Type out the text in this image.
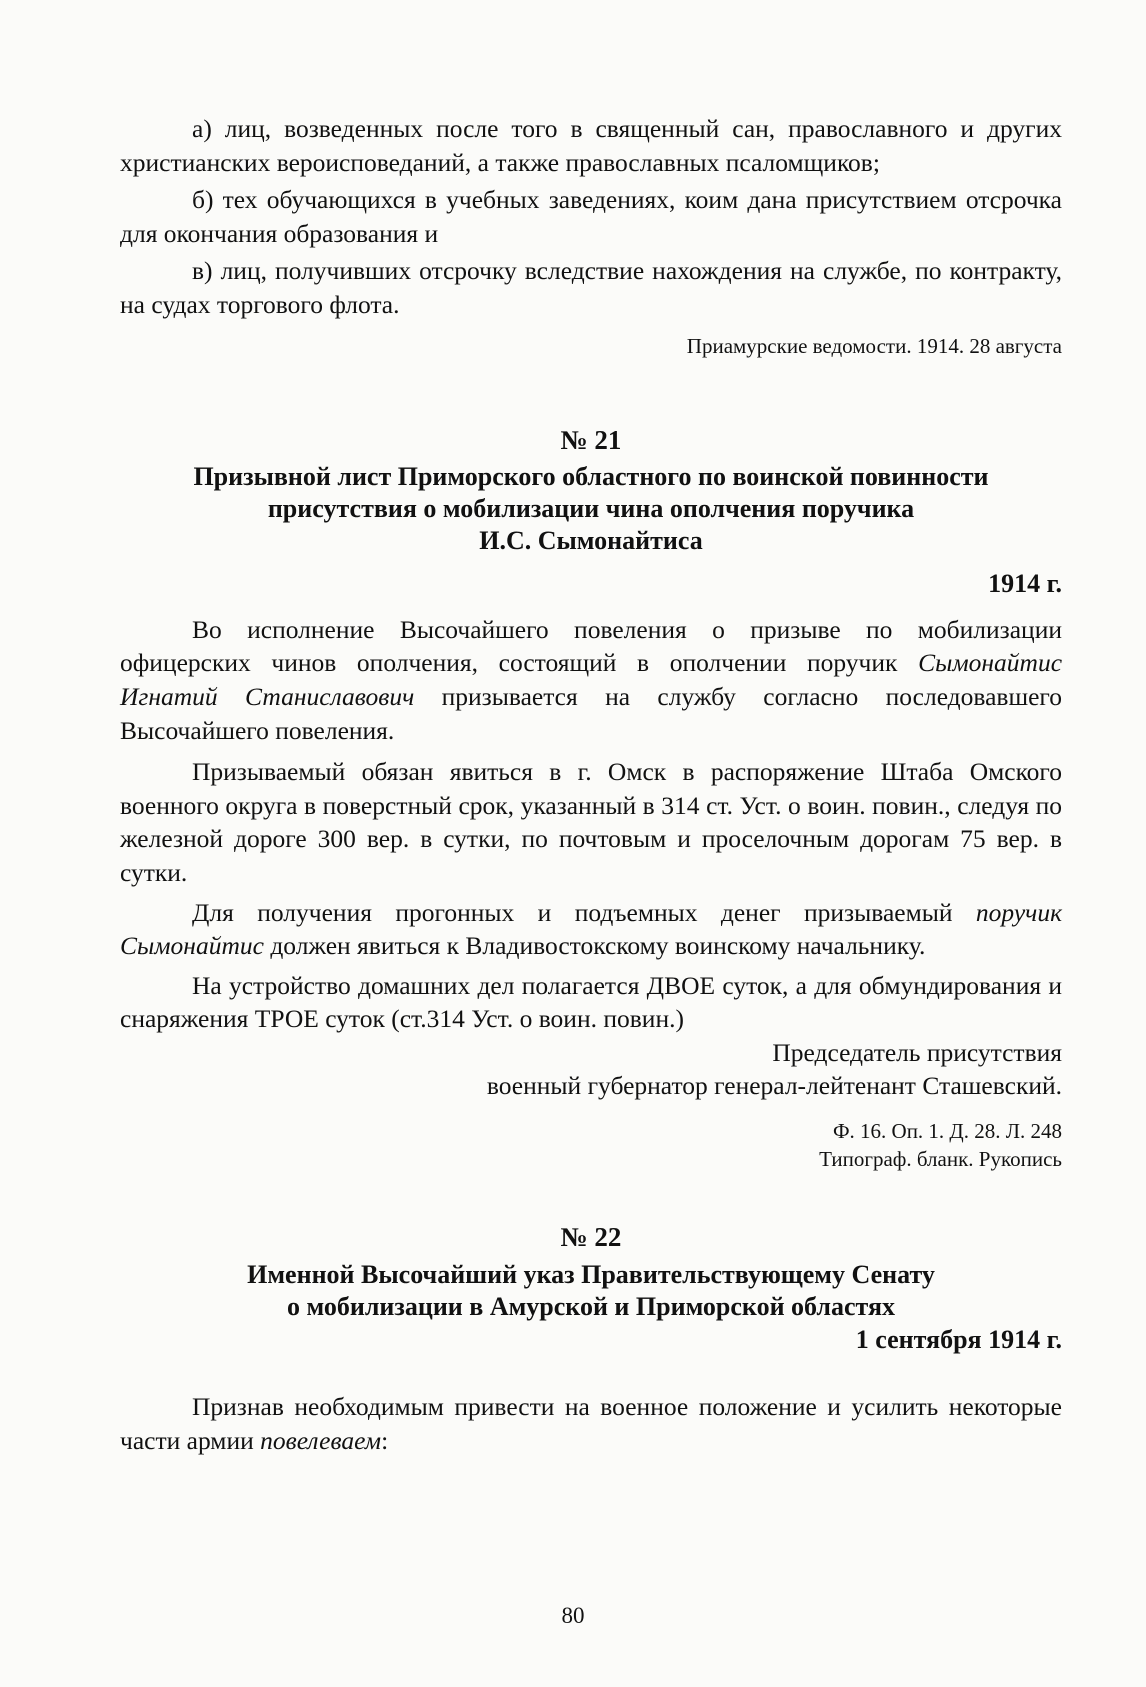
а) лиц, возведенных после того в священный сан, православного и других христианских вероисповеданий, а также православных псаломщиков;

б) тех обучающихся в учебных заведениях, коим дана присутствием отсрочка для окончания образования и

в) лиц, получивших отсрочку вследствие нахождения на службе, по контракту, на судах торгового флота.

Приамурские ведомости. 1914. 28 августа

№ 21

Призывной лист Приморского областного по воинской повинности

присутствия о мобилизации чина ополчения поручика

И.С. Сымонайтиса

1914 г.

Во исполнение Высочайшего повеления о призыве по мобилизации офицерских чинов ополчения, состоящий в ополчении поручик Сымонайтис Игнатий Станиславович призывается на службу согласно последовавшего Высочайшего повеления.

Призываемый обязан явиться в г. Омск в распоряжение Штаба Омского военного округа в поверстный срок, указанный в 314 ст. Уст. о воин. повин., следуя по железной дороге 300 вер. в сутки, по почтовым и проселочным дорогам 75 вер. в сутки.

Для получения прогонных и подъемных денег призываемый поручик Сымонайтис должен явиться к Владивостокскому воинскому начальнику.

На устройство домашних дел полагается ДВОЕ суток, а для обмундирования и снаряжения ТРОЕ суток (ст.314 Уст. о воин. повин.)

Председатель присутствия

военный губернатор генерал-лейтенант Сташевский.

Ф. 16. Оп. 1. Д. 28. Л. 248

Типограф. бланк. Рукопись

№ 22

Именной Высочайший указ Правительствующему Сенату

о мобилизации в Амурской и Приморской областях

1 сентября 1914 г.

Признав необходимым привести на военное положение и усилить некоторые части армии повелеваем:

80
